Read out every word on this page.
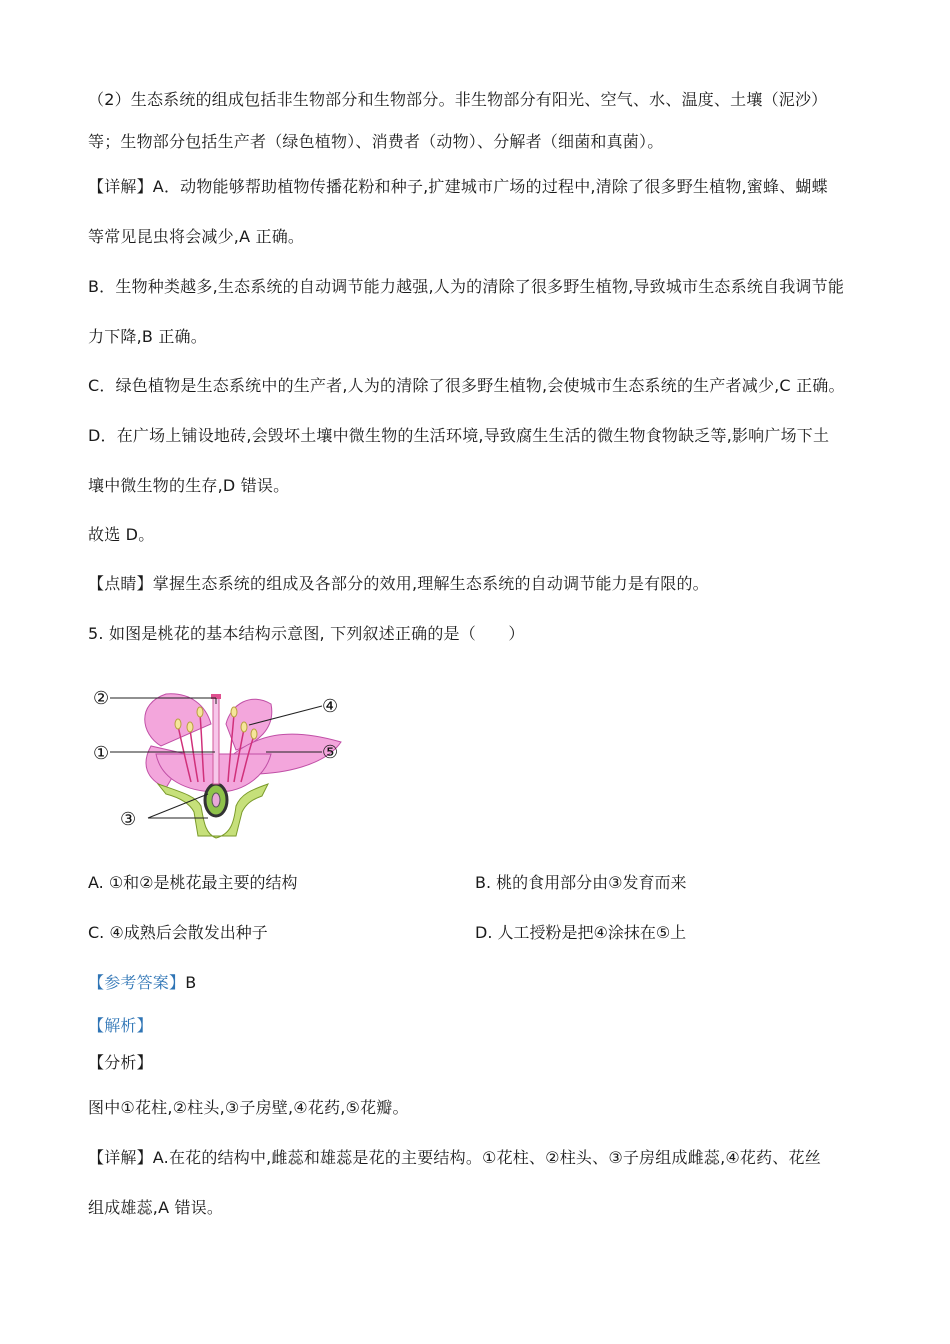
（2）生态系统的组成包括非生物部分和生物部分。非生物部分有阳光、空气、水、温度、土壤（泥沙）
等；生物部分包括生产者（绿色植物）、消费者（动物）、分解者（细菌和真菌）。
【详解】A．动物能够帮助植物传播花粉和种子,扩建城市广场的过程中,清除了很多野生植物,蜜蜂、蝴蝶
等常见昆虫将会减少,A 正确。
B．生物种类越多,生态系统的自动调节能力越强,人为的清除了很多野生植物,导致城市生态系统自我调节能
力下降,B 正确。
C．绿色植物是生态系统中的生产者,人为的清除了很多野生植物,会使城市生态系统的生产者减少,C 正确。
D．在广场上铺设地砖,会毁坏土壤中微生物的生活环境,导致腐生生活的微生物食物缺乏等,影响广场下土
壤中微生物的生存,D 错误。
故选 D。
【点睛】掌握生态系统的组成及各部分的效用,理解生态系统的自动调节能力是有限的。
5. 如图是桃花的基本结构示意图, 下列叙述正确的是（　　）
②	④
①	⑤
③
A. ①和②是桃花最主要的结构	B. 桃的食用部分由③发育而来
C. ④成熟后会散发出种子	D. 人工授粉是把④涂抹在⑤上
【参考答案】B
【解析】
【分析】
图中①花柱,②柱头,③子房壁,④花药,⑤花瓣。
【详解】A.在花的结构中,雌蕊和雄蕊是花的主要结构。①花柱、②柱头、③子房组成雌蕊,④花药、花丝
组成雄蕊,A 错误。
